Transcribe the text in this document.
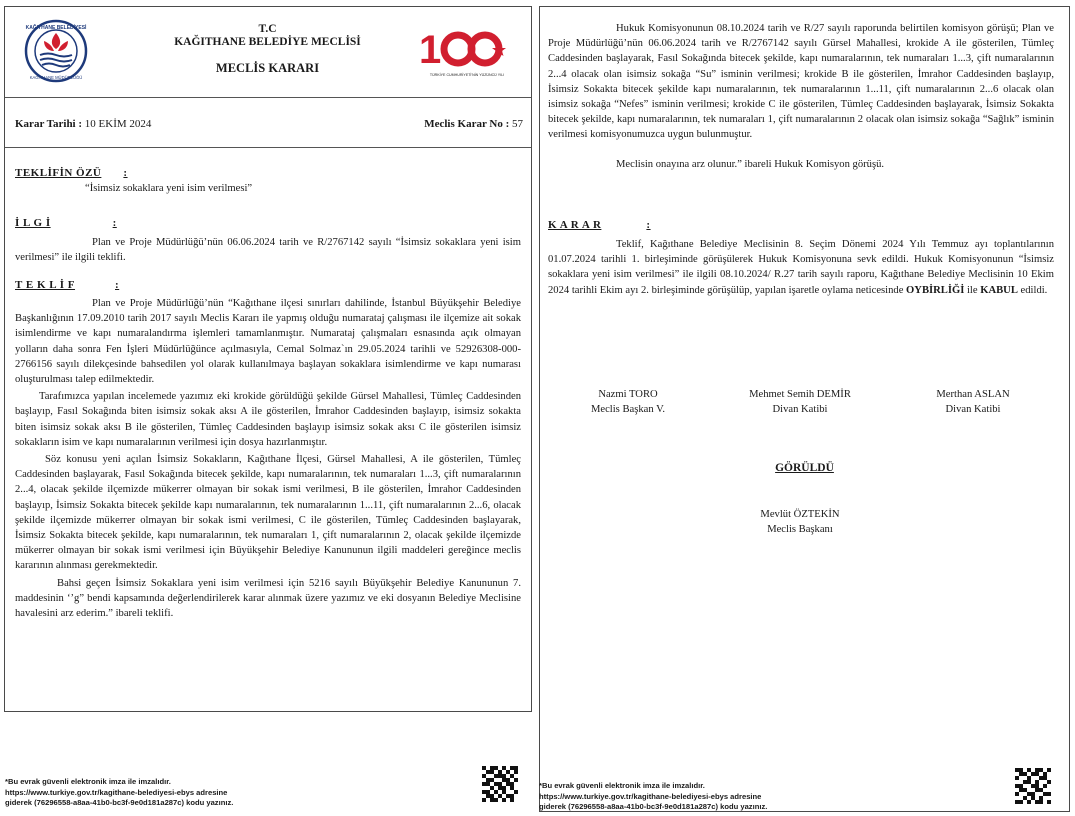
KAĞITHANE BELEDİYESİ
KAĞITHANE MÜDÜRLÜĞÜ
T.C
KAĞITHANE BELEDİYE MECLİSİ
MECLİS KARARI	1
TÜRKİYE CUMHURİYETİ'NİN YÜZÜNCÜ YILI
Karar Tarihi : 10 EKİM 2024	Meclis Karar No : 57
TEKLİFİN ÖZÜ :
“İsimsiz sokaklara yeni isim verilmesi”
İ L G İ	:
Plan ve Proje Müdürlüğü’nün 06.06.2024 tarih ve R/2767142 sayılı “İsimsiz sokaklara yeni isim verilmesi” ile ilgili teklifi.
T E K L İ F	:

Plan ve Proje Müdürlüğü’nün “Kağıthane ilçesi sınırları dahilinde, İstanbul Büyükşehir Belediye Başkanlığının 17.09.2010 tarih 2017 sayılı Meclis Kararı ile yapmış olduğu numarataj çalışması ile ilçemize ait sokak isimlendirme ve kapı numaralandırma işlemleri tamamlanmıştır. Numarataj çalışmaları esnasında açık olmayan yolların daha sonra Fen İşleri Müdürlüğünce açılmasıyla, Cemal Solmaz`ın 29.05.2024 tarihli ve 52926308-000-2766156 sayılı dilekçesinde bahsedilen yol olarak kullanılmaya başlayan sokaklara isimlendirme ve kapı numarası oluşturulması talep edilmektedir.

Tarafımızca yapılan incelemede yazımız eki krokide görüldüğü şekilde Gürsel Mahallesi, Tümleç Caddesinden başlayıp, Fasıl Sokağında biten isimsiz sokak aksı A ile gösterilen, İmrahor Caddesinden başlayıp, isimsiz sokakta biten isimsiz sokak aksı B ile gösterilen, Tümleç Caddesinden başlayıp isimsiz sokak aksı C ile gösterilen isimsiz sokakların isim ve kapı numaralarının verilmesi için dosya hazırlanmıştır.

Söz konusu yeni açılan İsimsiz Sokakların, Kağıthane İlçesi, Gürsel Mahallesi, A ile gösterilen, Tümleç Caddesinden başlayarak, Fasıl Sokağında bitecek şekilde, kapı numaralarının, tek numaraları 1...3, çift numaralarının 2...4, olacak şekilde ilçemizde mükerrer olmayan bir sokak ismi verilmesi, B ile gösterilen, İmrahor Caddesinden başlayıp, İsimsiz Sokakta bitecek şekilde kapı numaralarının, tek numaralarının 1...11, çift numaralarının 2...6, olacak şekilde ilçemizde mükerrer olmayan bir sokak ismi verilmesi, C ile gösterilen, Tümleç Caddesinden başlayarak, İsimsiz Sokakta bitecek şekilde, kapı numaralarının, tek numaraları 1, çift numaralarının 2, olacak şekilde ilçemizde mükerrer olmayan bir sokak ismi verilmesi için Büyükşehir Belediye Kanununun ilgili maddeleri gereğince meclis kararının alınması gerekmektedir.

Bahsi geçen İsimsiz Sokaklara yeni isim verilmesi için 5216 sayılı Büyükşehir Belediye Kanununun 7. maddesinin ‘’g” bendi kapsamında değerlendirilerek karar alınmak üzere yazımız ve eki dosyanın Belediye Meclisine havalesini arz ederim.” ibareli teklifi.

Hukuk Komisyonunun 08.10.2024 tarih ve R/27 sayılı raporunda belirtilen komisyon görüşü; Plan ve Proje Müdürlüğü’nün 06.06.2024 tarih ve R/2767142 sayılı Gürsel Mahallesi, krokide A ile gösterilen, Tümleç Caddesinden başlayarak, Fasıl Sokağında bitecek şekilde, kapı numaralarının, tek numaraları 1...3, çift numaralarının 2...4 olacak olan isimsiz sokağa “Su” isminin verilmesi; krokide B ile gösterilen, İmrahor Caddesinden başlayıp, İsimsiz Sokakta bitecek şekilde kapı numaralarının, tek numaralarının 1...11, çift numaralarının 2...6 olacak olan isimsiz sokağa “Nefes” isminin verilmesi; krokide C ile gösterilen, Tümleç Caddesinden başlayarak, İsimsiz Sokakta bitecek şekilde, kapı numaralarının, tek numaraları 1, çift numaralarının 2 olacak olan isimsiz sokağa “Sağlık” isminin verilmesi komisyonumuzca uygun bulunmuştur.

Meclisin onayına arz olunur.” ibareli Hukuk Komisyon görüşü.

K A R A R	:
Teklif, Kağıthane Belediye Meclisinin 8. Seçim Dönemi 2024 Yılı Temmuz ayı toplantılarının 01.07.2024 tarihli 1. birleşiminde görüşülerek Hukuk Komisyonuna sevk edildi. Hukuk Komisyonunun “İsimsiz sokaklara yeni isim verilmesi” ile ilgili 08.10.2024/ R.27 tarih sayılı raporu, Kağıthane Belediye Meclisinin 10 Ekim 2024 tarihli Ekim ayı 2. birleşiminde görüşülüp, yapılan işaretle oylama neticesinde OYBİRLİĞİ ile KABUL edildi.
Nazmi TORO
Meclis Başkan V.
Mehmet Semih DEMİR
Divan Katibi
Merthan ASLAN
Divan Katibi
GÖRÜLDÜ
Mevlüt ÖZTEKİN
Meclis Başkanı
*Bu evrak güvenli elektronik imza ile imzalıdır.
https://www.turkiye.gov.tr/kagithane-belediyesi-ebys adresine
giderek (76296558-a8aa-41b0-bc3f-9e0d181a287c) kodu yazınız.
*Bu evrak güvenli elektronik imza ile imzalıdır.
https://www.turkiye.gov.tr/kagithane-belediyesi-ebys adresine
giderek (76296558-a8aa-41b0-bc3f-9e0d181a287c) kodu yazınız.
